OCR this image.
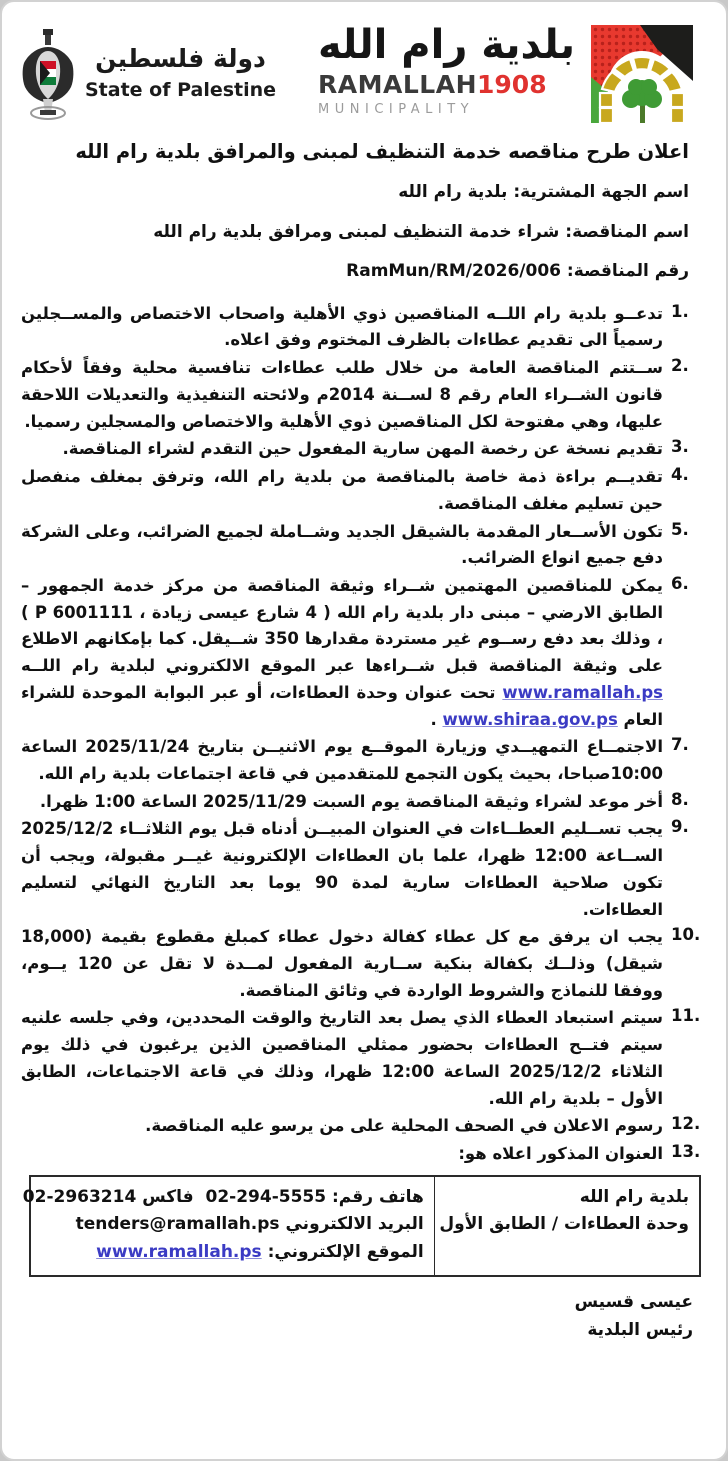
دولة فلسطين
State of Palestine
بلدية رام الله
RAMALLAH 1908
MUNICIPALITY
اعلان طرح مناقصه خدمة التنظيف لمبنى والمرافق بلدية رام الله
اسم الجهة المشترية: بلدية رام الله
اسم المناقصة: شراء خدمة التنظيف لمبنى ومرافق بلدية رام الله
رقم المناقصة: RamMun/RM/2026/006
1.
تدعــو بلدية رام اللــه المناقصين ذوي الأهلية واصحاب الاختصاص والمســجلين رسمياً الى تقديم عطاءات بالظرف المختوم وفق اعلاه.
2.
ســتتم المناقصة العامة من خلال طلب عطاءات تنافسية محلية وفقاً لأحكام قانون الشــراء العام رقم 8 لســنة 2014م ولائحته التنفيذية والتعديلات اللاحقة عليها، وهي مفتوحة لكل المناقصين ذوي الأهلية والاختصاص والمسجلين رسميا.
3.
تقديم نسخة عن رخصة المهن سارية المفعول حين التقدم لشراء المناقصة.
4.
تقديــم براءة ذمة خاصة بالمناقصة من بلدية رام الله، وترفق بمغلف منفصل حين تسليم مغلف المناقصة.
5.
تكون الأســعار المقدمة بالشيقل الجديد وشــاملة لجميع الضرائب، وعلى الشركة دفع جميع انواع الضرائب.
6.
يمكن للمناقصين المهتمين شــراء وثيقة المناقصة من مركز خدمة الجمهور – الطابق الارضي – مبنى دار بلدية رام الله ( 4 شارع عيسى زيادة ، P 6001111 ) ، وذلك بعد دفع رســوم غير مستردة مقدارها 350 شــيقل. كما بإمكانهم الاطلاع على وثيقة المناقصة قبل شــراءها عبر الموقع الالكتروني لبلدية رام اللــه www.ramallah.ps تحت عنوان وحدة العطاءات، أو عبر البوابة الموحدة للشراء العام www.shiraa.gov.ps .
7.
الاجتمــاع التمهيــدي وزيارة الموقــع يوم الاثنيــن بتاريخ 2025/11/24 الساعة 10:00صباحا، بحيث يكون التجمع للمتقدمين في قاعة اجتماعات بلدية رام الله.
8.
أخر موعد لشراء وثيقة المناقصة يوم السبت 2025/11/29 الساعة 1:00 ظهرا.
9.
يجب تســليم العطــاءات في العنوان المبيــن أدناه قبل يوم الثلاثــاء 2025/12/2 الســاعة 12:00 ظهرا، علما بان العطاءات الإلكترونية غيــر مقبولة، ويجب أن تكون صلاحية العطاءات سارية لمدة 90 يوما بعد التاريخ النهائي لتسليم العطاءات.
10.
يجب ان يرفق مع كل عطاء كفالة دخول عطاء كمبلغ مقطوع بقيمة (18,000 شيقل) وذلــك بكفالة بنكية ســارية المفعول لمــدة لا تقل عن 120 يــوم، ووفقا للنماذج والشروط الواردة في وثائق المناقصة.
11.
سيتم استبعاد العطاء الذي يصل بعد التاريخ والوقت المحددين، وفي جلسه علنيه سيتم فتــح العطاءات بحضور ممثلي المناقصين الذين يرغبون في ذلك يوم الثلاثاء 2025/12/2 الساعة 12:00 ظهرا، وذلك في قاعة الاجتماعات، الطابق الأول – بلدية رام الله.
12.
رسوم الاعلان في الصحف المحلية على من يرسو عليه المناقصة.
13.
العنوان المذكور اعلاه هو:
بلدية رام الله
وحدة العطاءات / الطابق الأول

هاتف رقم: 02-294-5555  فاكس 02-2963214
البريد الالكتروني tenders@ramallah.ps
الموقع الإلكتروني: www.ramallah.ps
عيسى قسيس
رئيس البلدية
